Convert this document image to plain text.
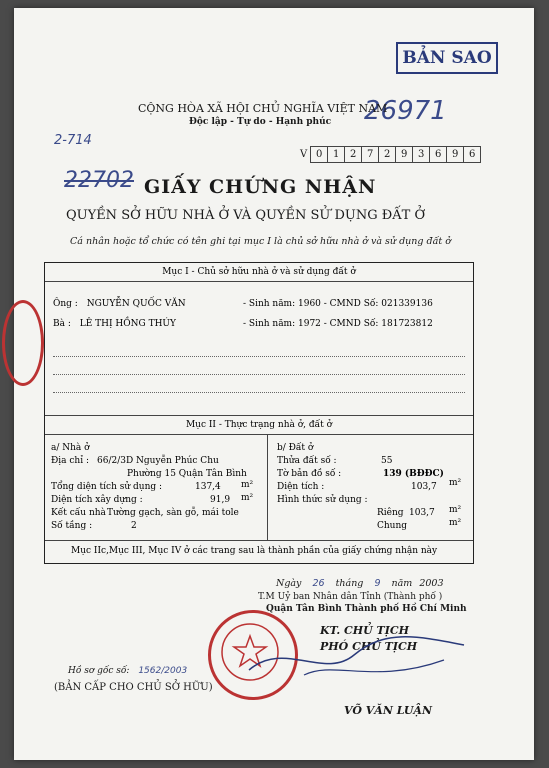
BẢN SAO
26971
CỘNG HÒA XÃ HỘI CHỦ NGHĨA VIỆT NAM
Độc lập - Tự do - Hạnh phúc
2-714
22702
V 0	1	2	7	2	9	3	6	9	6
GIẤY CHỨNG NHẬN
QUYỀN SỞ HỮU NHÀ Ở VÀ QUYỀN SỬ DỤNG ĐẤT Ở
Cá nhân hoặc tổ chức có tên ghi tại mục I là chủ sở hữu nhà ở và sử dụng đất ở
Mục I - Chủ sở hữu nhà ở và sử dụng đất ở
Ông : NGUYỄN QUỐC VĂN	- Sinh năm: 1960 - CMND Số: 021339136
Bà : LÊ THỊ HỒNG THÚY	- Sinh năm: 1972 - CMND Số: 181723812
Mục II - Thực trạng nhà ở, đất ở
a/ Nhà ở
Địa chỉ : 66/2/3D Nguyễn Phúc Chu
Phường 15 Quận Tân Bình
Tổng diện tích sử dụng :	137,4 m²
Diện tích xây dựng :	91,9 m²
Kết cấu nhà Tường gạch, sàn gỗ, mái tole
Số tầng :	2
b/ Đất ở
Thửa đất số :	55
Tờ bản đồ số :	139 (BĐĐC)
Diện tích :	103,7 m²
Hình thức sử dụng :
Riêng 103,7 m²
Chung	m²
Mục IIc,Mục III, Mục IV ở các trang sau là thành phần của giấy chứng nhận này
Ngày 26 tháng 9 năm 2003
T.M Uỷ ban Nhân dân Tỉnh (Thành phố )
Quận Tân Bình Thành phố Hồ Chí Minh
KT. CHỦ TỊCH
PHÓ CHỦ TỊCH
Hồ sơ gốc số: 1562/2003
(BẢN CẤP CHO CHỦ SỞ HỮU)
VÕ VĂN LUẬN
